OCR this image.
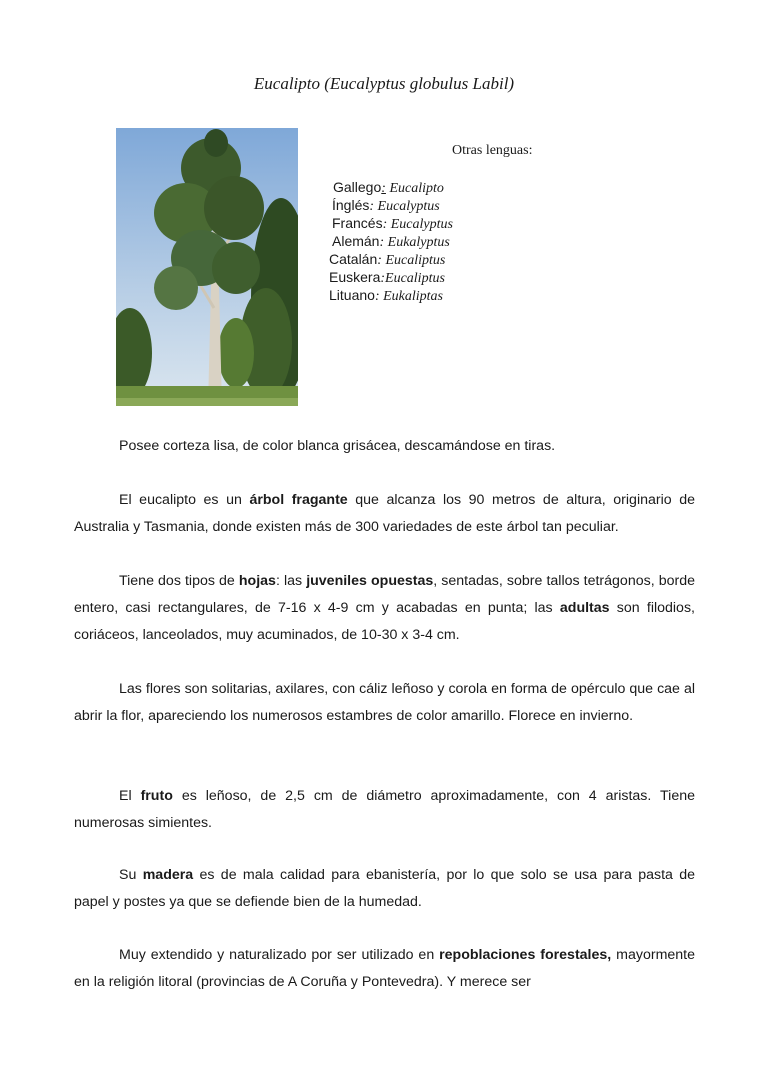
Eucalipto (Eucalyptus globulus Labil)
Otras lenguas:
Gallego: Eucalipto
Ínglés: Eucalyptus
Francés: Eucalyptus
Alemán: Eukalyptus
Catalán: Eucaliptus
Euskera:Eucaliptus
Lituano: Eukaliptas

Posee corteza lisa, de color blanca grisácea, descamándose en tiras.

El eucalipto es un árbol fragante que alcanza los 90 metros de altura, originario de Australia y Tasmania, donde existen más de 300 variedades de este árbol tan peculiar.

Tiene dos tipos de hojas: las juveniles opuestas, sentadas, sobre tallos tetrágonos, borde entero, casi rectangulares, de 7-16 x 4-9 cm y acabadas en punta; las adultas son filodios, coriáceos, lanceolados, muy acuminados, de 10-30 x 3-4 cm.

Las flores son solitarias, axilares, con cáliz leñoso y corola en forma de opérculo que cae al abrir la flor, apareciendo los numerosos estambres de color amarillo. Florece en invierno.

El fruto es leñoso, de 2,5 cm de diámetro aproximadamente, con 4 aristas. Tiene numerosas simientes.

Su madera es de mala calidad para ebanistería, por lo que solo se usa para pasta de papel y postes ya que se defiende bien de la humedad.

Muy extendido y naturalizado por ser utilizado en repoblaciones forestales, mayormente en la religión litoral (provincias de A Coruña y Pontevedra). Y merece ser
